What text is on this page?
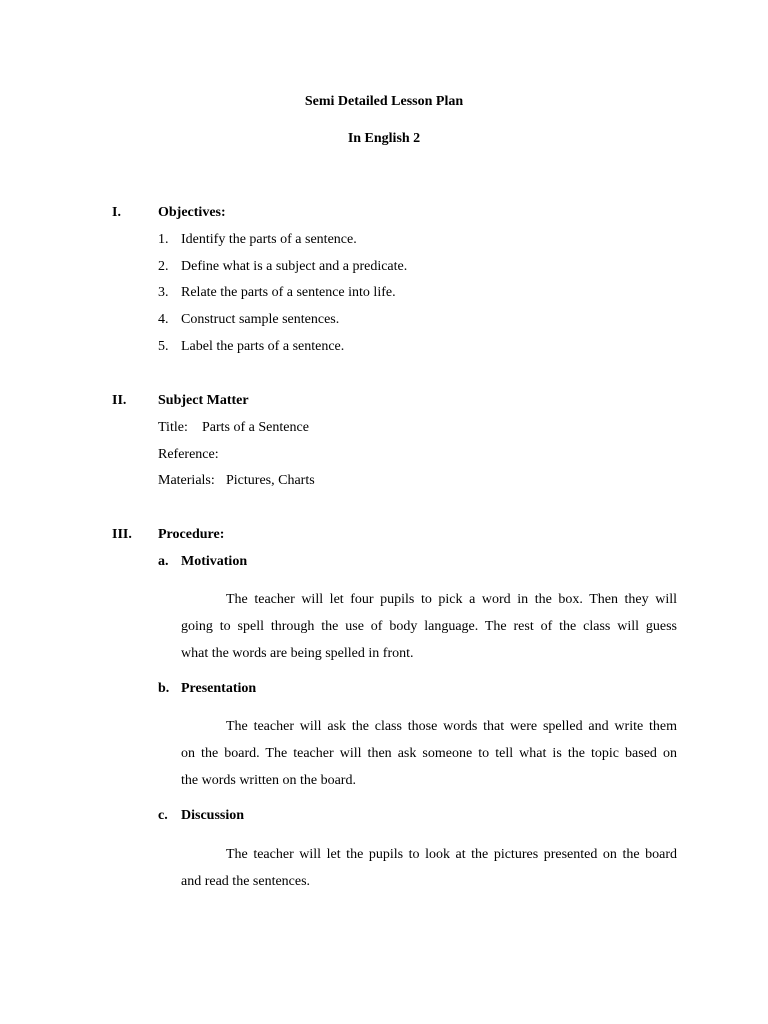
Semi Detailed Lesson Plan
In English 2
I.	Objectives:
1. Identify the parts of a sentence.
2. Define what is a subject and a predicate.
3. Relate the parts of a sentence into life.
4. Construct sample sentences.
5. Label the parts of a sentence.
II. Subject Matter
Title: Parts of a Sentence
Reference:
Materials: Pictures, Charts
III. Procedure:
a. Motivation
The teacher will let four pupils to pick a word in the box. Then they will
going to spell through the use of body language. The rest of the class will guess
what the words are being spelled in front.
b. Presentation
The teacher will ask the class those words that were spelled and write them
on the board. The teacher will then ask someone to tell what is the topic based on
the words written on the board.
c. Discussion
The teacher will let the pupils to look at the pictures presented on the board
and read the sentences.
